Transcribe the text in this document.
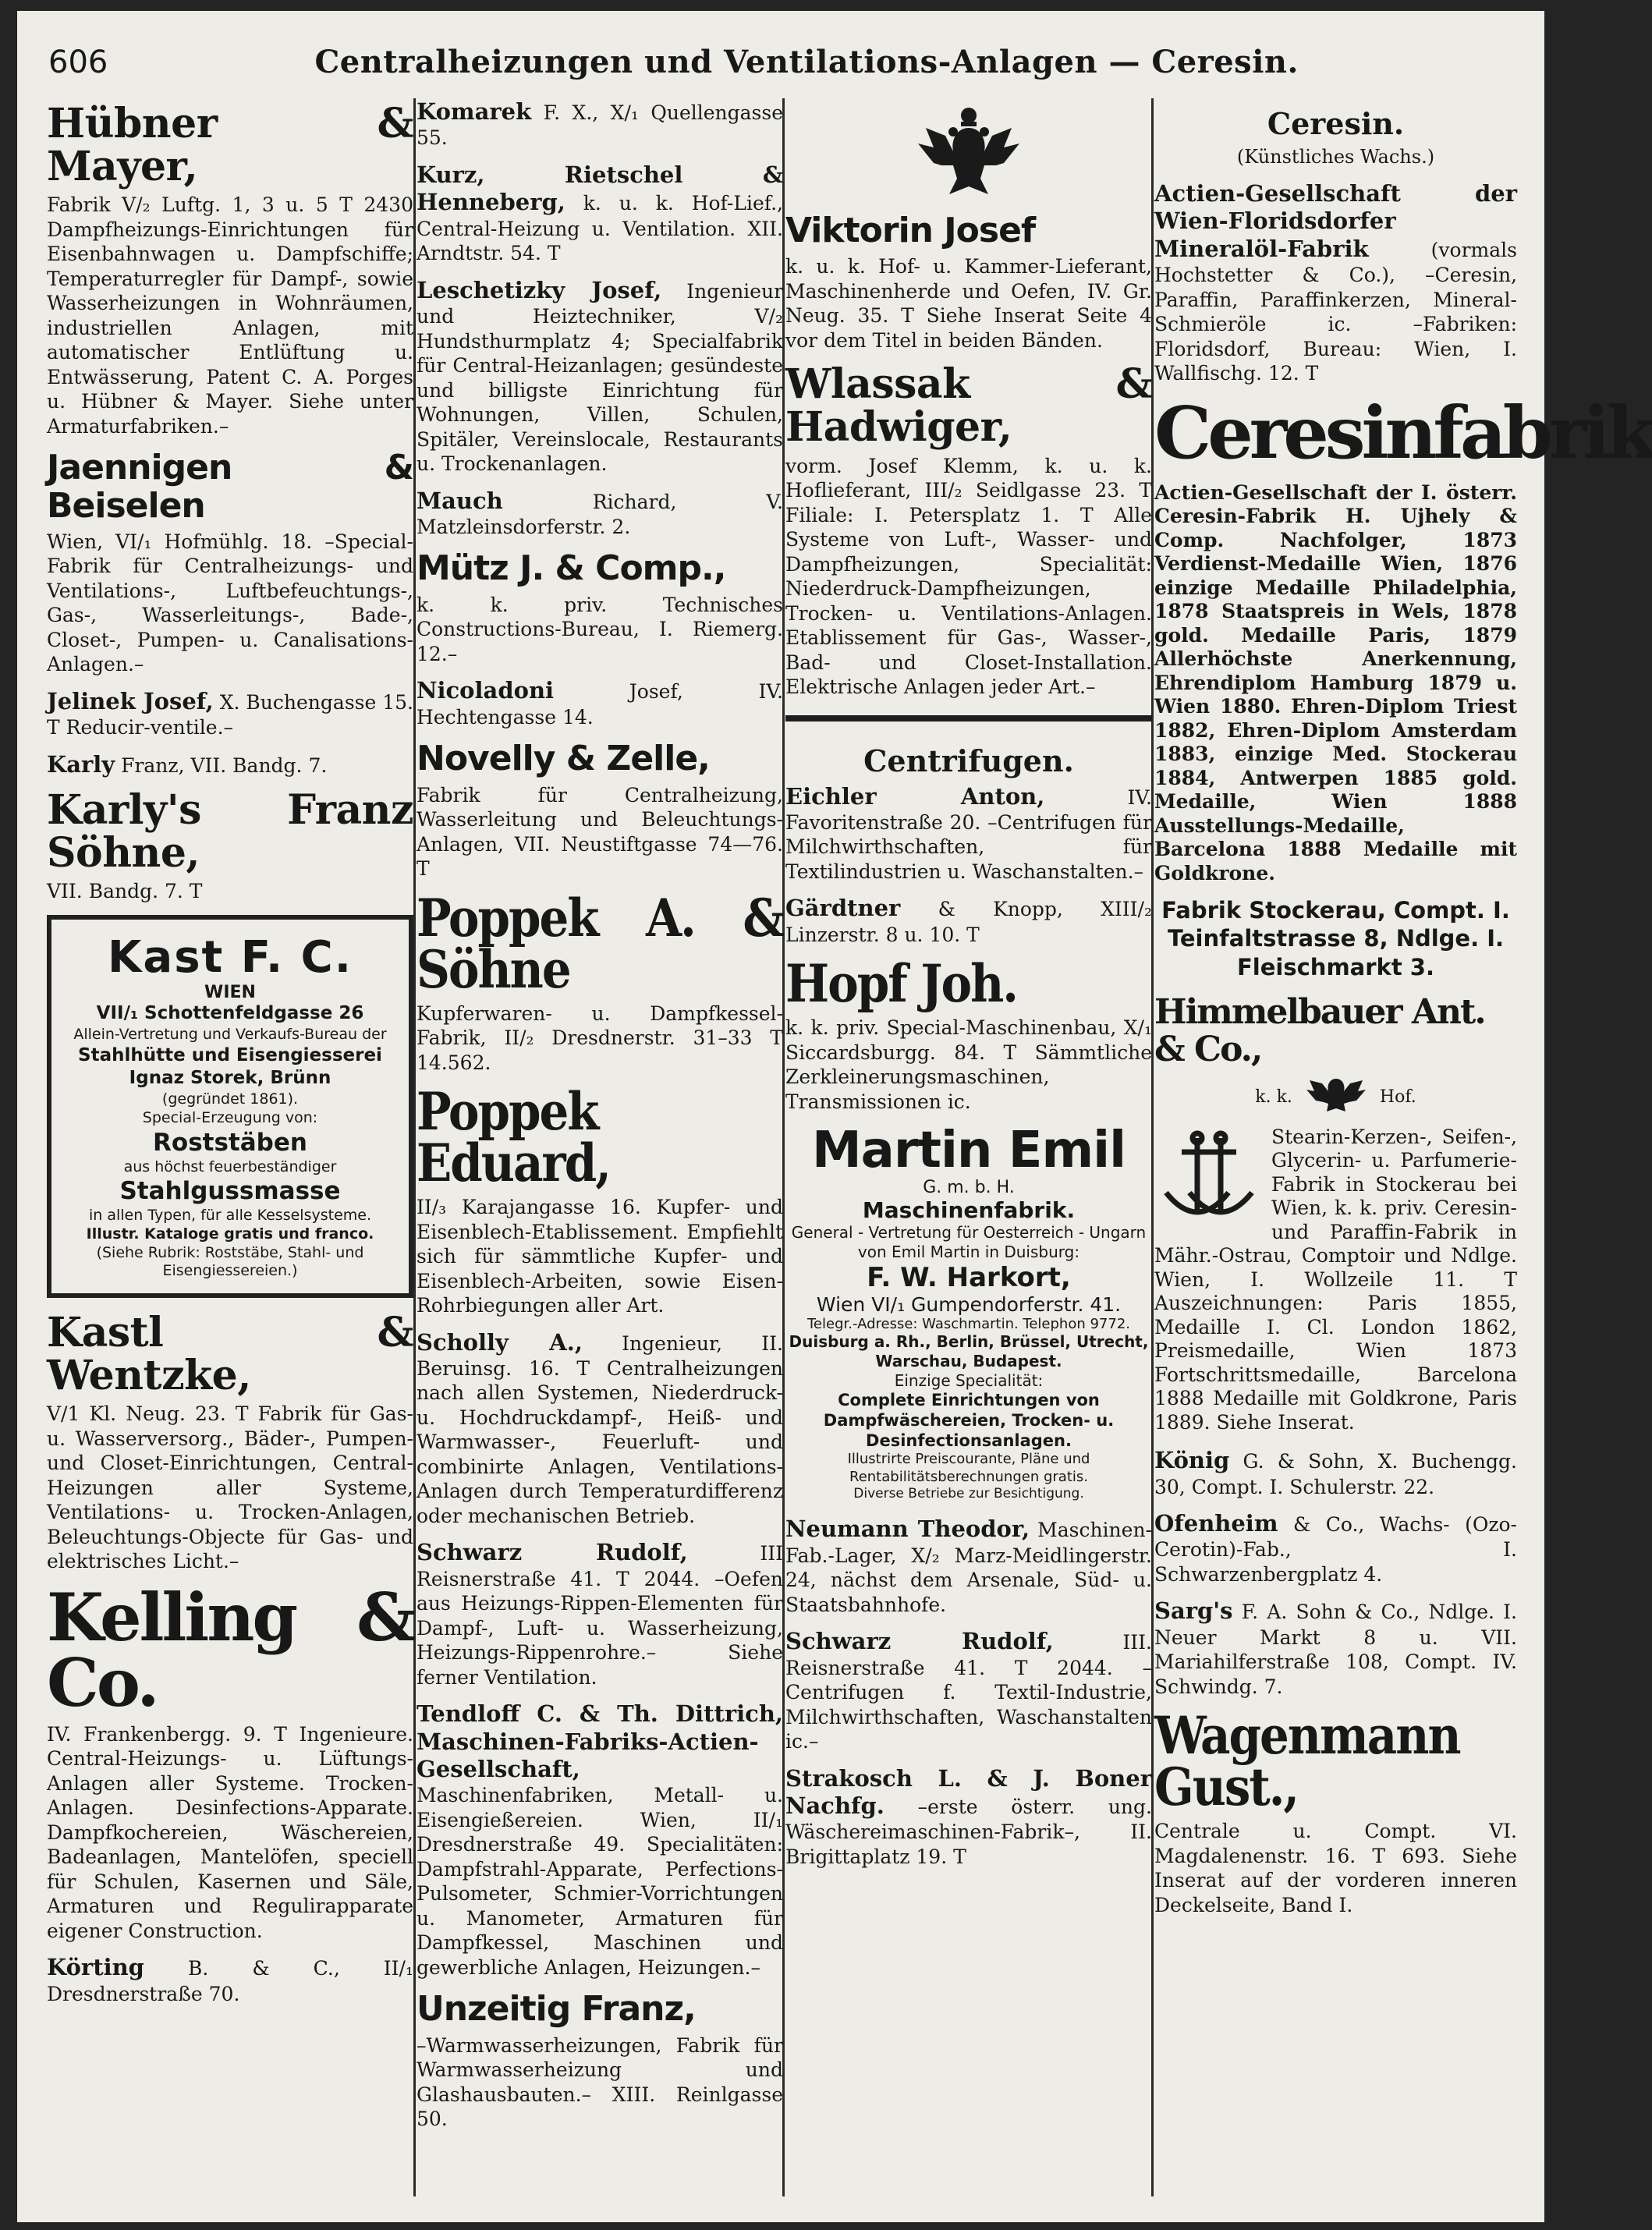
606	Centralheizungen und Ventilations-Anlagen — Ceresin.
Hübner & Mayer,
Fabrik V/₂ Luftg. 1, 3 u. 5 T 2430 Dampfheizungs-Einrichtungen für Eisenbahnwagen u. Dampfschiffe; Temperaturregler für Dampf-, sowie Wasserheizungen in Wohnräumen, industriellen Anlagen, mit automatischer Entlüftung u. Entwässerung, Patent C. A. Porges u. Hübner & Mayer. Siehe unter Armaturfabriken.–
Jaennigen & Beiselen
Wien, VI/₁ Hofmühlg. 18. –Special-Fabrik für Centralheizungs- und Ventilations-, Luftbefeuchtungs-, Gas-, Wasserleitungs-, Bade-, Closet-, Pumpen- u. Canalisations-Anlagen.–
Jelinek Josef, X. Buchengasse 15. T Reducir-ventile.–
Karly Franz, VII. Bandg. 7.
Karly's Franz Söhne,
VII. Bandg. 7. T
Kast F. C.
WIEN
VII/₁ Schottenfeldgasse 26
Allein-Vertretung und Verkaufs-Bureau der
Stahlhütte und Eisengiesserei
Ignaz Storek, Brünn
(gegründet 1861).
Special-Erzeugung von:
Roststäben
aus höchst feuerbeständiger
Stahlgussmasse
in allen Typen, für alle Kesselsysteme.
Illustr. Kataloge gratis und franco.
(Siehe Rubrik: Roststäbe, Stahl- und Eisengiessereien.)
Kastl & Wentzke,
V/1 Kl. Neug. 23. T Fabrik für Gas- u. Wasserversorg., Bäder-, Pumpen- und Closet-Einrichtungen, Central-Heizungen aller Systeme, Ventilations- u. Trocken-Anlagen, Beleuchtungs-Objecte für Gas- und elektrisches Licht.–
Kelling & Co.
IV. Frankenbergg. 9. T Ingenieure. Central-Heizungs- u. Lüftungs-Anlagen aller Systeme. Trocken-Anlagen. Desinfections-Apparate. Dampfkochereien, Wäschereien, Badeanlagen, Mantelöfen, speciell für Schulen, Kasernen und Säle, Armaturen und Regulirapparate eigener Construction.
Körting B. & C., II/₁ Dresdnerstraße 70.
Komarek F. X., X/₁ Quellengasse 55.
Kurz, Rietschel & Henneberg, k. u. k. Hof-Lief., Central-Heizung u. Ventilation. XII. Arndtstr. 54. T
Leschetizky Josef, Ingenieur und Heiztechniker, V/₂ Hundsthurmplatz 4; Specialfabrik für Central-Heizanlagen; gesündeste und billigste Einrichtung für Wohnungen, Villen, Schulen, Spitäler, Vereinslocale, Restaurants u. Trockenanlagen.
Mauch	Richard, V. Matzleinsdorferstr. 2.
Mütz J. & Comp.,
k. k. priv. Technisches Constructions-Bureau, I. Riemerg. 12.–
Nicoladoni	Josef, IV. Hechtengasse 14.
Novelly & Zelle,
Fabrik für Centralheizung, Wasserleitung und Beleuchtungs-Anlagen, VII. Neustiftgasse 74—76. T
Poppek A. & Söhne
Kupferwaren- u. Dampfkessel-Fabrik, II/₂ Dresdnerstr. 31–33 T 14.562.
Poppek Eduard,
II/₃ Karajangasse 16. Kupfer- und Eisenblech-Etablissement. Empfiehlt sich für sämmtliche Kupfer- und Eisenblech-Arbeiten, sowie Eisen-Rohrbiegungen aller Art.
Scholly A., Ingenieur, II. Beruinsg. 16. T Centralheizungen nach allen Systemen, Niederdruck- u. Hochdruckdampf-, Heiß- und Warmwasser-, Feuerluft- und combinirte Anlagen, Ventilations-Anlagen durch Temperaturdifferenz oder mechanischen Betrieb.
Schwarz Rudolf,	III Reisnerstraße 41. T 2044. –Oefen aus Heizungs-Rippen-Elementen für Dampf-, Luft- u. Wasserheizung, Heizungs-Rippenrohre.– Siehe ferner Ventilation.
Tendloff C. & Th. Dittrich, Maschinen-Fabriks-Actien-Gesellschaft, Maschinenfabriken, Metall- u. Eisengießereien. Wien, II/₁ Dresdnerstraße 49. Specialitäten: Dampfstrahl-Apparate, Perfections-Pulsometer, Schmier-Vorrichtungen u. Manometer, Armaturen für Dampfkessel, Maschinen und gewerbliche Anlagen, Heizungen.–
Unzeitig Franz,
–Warmwasserheizungen, Fabrik für Warmwasserheizung und Glashausbauten.– XIII. Reinlgasse 50.
Viktorin Josef
k. u. k. Hof- u. Kammer-Lieferant, Maschinenherde und Oefen, IV. Gr. Neug. 35. T Siehe Inserat Seite 4 vor dem Titel in beiden Bänden.
Wlassak & Hadwiger,
vorm. Josef Klemm, k. u. k. Hoflieferant, III/₂ Seidlgasse 23. T Filiale: I. Petersplatz 1. T Alle Systeme von Luft-, Wasser- und Dampfheizungen, Specialität: Niederdruck-Dampfheizungen, Trocken- u. Ventilations-Anlagen. Etablissement für Gas-, Wasser-, Bad- und Closet-Installation. Elektrische Anlagen jeder Art.–
Centrifugen.
Eichler Anton,	IV. Favoritenstraße 20. –Centrifugen für Milchwirthschaften, für Textilindustrien u. Waschanstalten.–
Gärdtner & Knopp, XIII/₂ Linzerstr. 8 u. 10. T
Hopf Joh.
k. k. priv. Special-Maschinenbau, X/₁ Siccardsburgg. 84. T Sämmtliche Zerkleinerungsmaschinen, Transmissionen ic.
Martin Emil
G. m. b. H.
Maschinenfabrik.
General - Vertretung für Oesterreich - Ungarn von Emil Martin in Duisburg:
F. W. Harkort,
Wien VI/₁ Gumpendorferstr. 41.
Telegr.-Adresse: Waschmartin. Telephon 9772.
Duisburg a. Rh., Berlin, Brüssel, Utrecht, Warschau, Budapest.
Einzige Specialität:
Complete Einrichtungen von Dampfwäschereien, Trocken- u. Desinfectionsanlagen.
Illustrirte Preiscourante, Pläne und Rentabilitätsberechnungen gratis.
Diverse Betriebe zur Besichtigung.
Neumann Theodor, Maschinen-Fab.-Lager, X/₂ Marz-Meidlingerstr. 24, nächst dem Arsenale, Süd- u. Staatsbahnhofe.
Schwarz Rudolf,	III. Reisnerstraße 41. T 2044. –Centrifugen f. Textil-Industrie, Milchwirthschaften, Waschanstalten ic.–
Strakosch L. & J. Boner Nachfg. –erste österr. ung. Wäschereimaschinen-Fabrik–, II. Brigittaplatz 19. T
Ceresin.
(Künstliches Wachs.)
Actien-Gesellschaft der Wien-Floridsdorfer Mineralöl-Fabrik	(vormals Hochstetter & Co.), –Ceresin, Paraffin, Paraffinkerzen, Mineral-Schmieröle ic. –Fabriken: Floridsdorf, Bureau: Wien, I. Wallfischg. 12. T
Ceresinfabrik
Actien-Gesellschaft der I. österr. Ceresin-Fabrik H. Ujhely & Comp. Nachfolger, 1873 Verdienst-Medaille Wien, 1876 einzige Medaille Philadelphia, 1878 Staatspreis in Wels, 1878 gold. Medaille Paris, 1879 Allerhöchste Anerkennung, Ehrendiplom Hamburg 1879 u. Wien 1880. Ehren-Diplom Triest 1882, Ehren-Diplom Amsterdam 1883, einzige Med. Stockerau 1884, Antwerpen 1885 gold. Medaille, Wien 1888 Ausstellungs-Medaille, Barcelona 1888 Medaille mit Goldkrone.
Fabrik Stockerau, Compt. I. Teinfaltstrasse 8, Ndlge. I. Fleischmarkt 3.
Himmelbauer Ant. & Co.,
k. k.	Hof.
Stearin-Kerzen-, Seifen-, Glycerin- u. Parfumerie-Fabrik in Stockerau bei Wien, k. k. priv. Ceresin- und Paraffin-Fabrik in Mähr.-Ostrau, Comptoir und Ndlge. Wien, I. Wollzeile 11. T Auszeichnungen: Paris 1855, Medaille I. Cl. London 1862, Preismedaille, Wien 1873 Fortschrittsmedaille, Barcelona 1888 Medaille mit Goldkrone, Paris 1889. Siehe Inserat.
König G. & Sohn, X. Buchengg. 30, Compt. I. Schulerstr. 22.
Ofenheim & Co., Wachs- (Ozo-Cerotin)-Fab., I. Schwarzenbergplatz 4.
Sarg's F. A. Sohn & Co., Ndlge. I. Neuer Markt 8 u. VII. Mariahilferstraße 108, Compt. IV. Schwindg. 7.
Wagenmann Gust.,
Centrale u. Compt. VI. Magdalenenstr. 16. T 693. Siehe Inserat auf der vorderen inneren Deckelseite, Band I.
